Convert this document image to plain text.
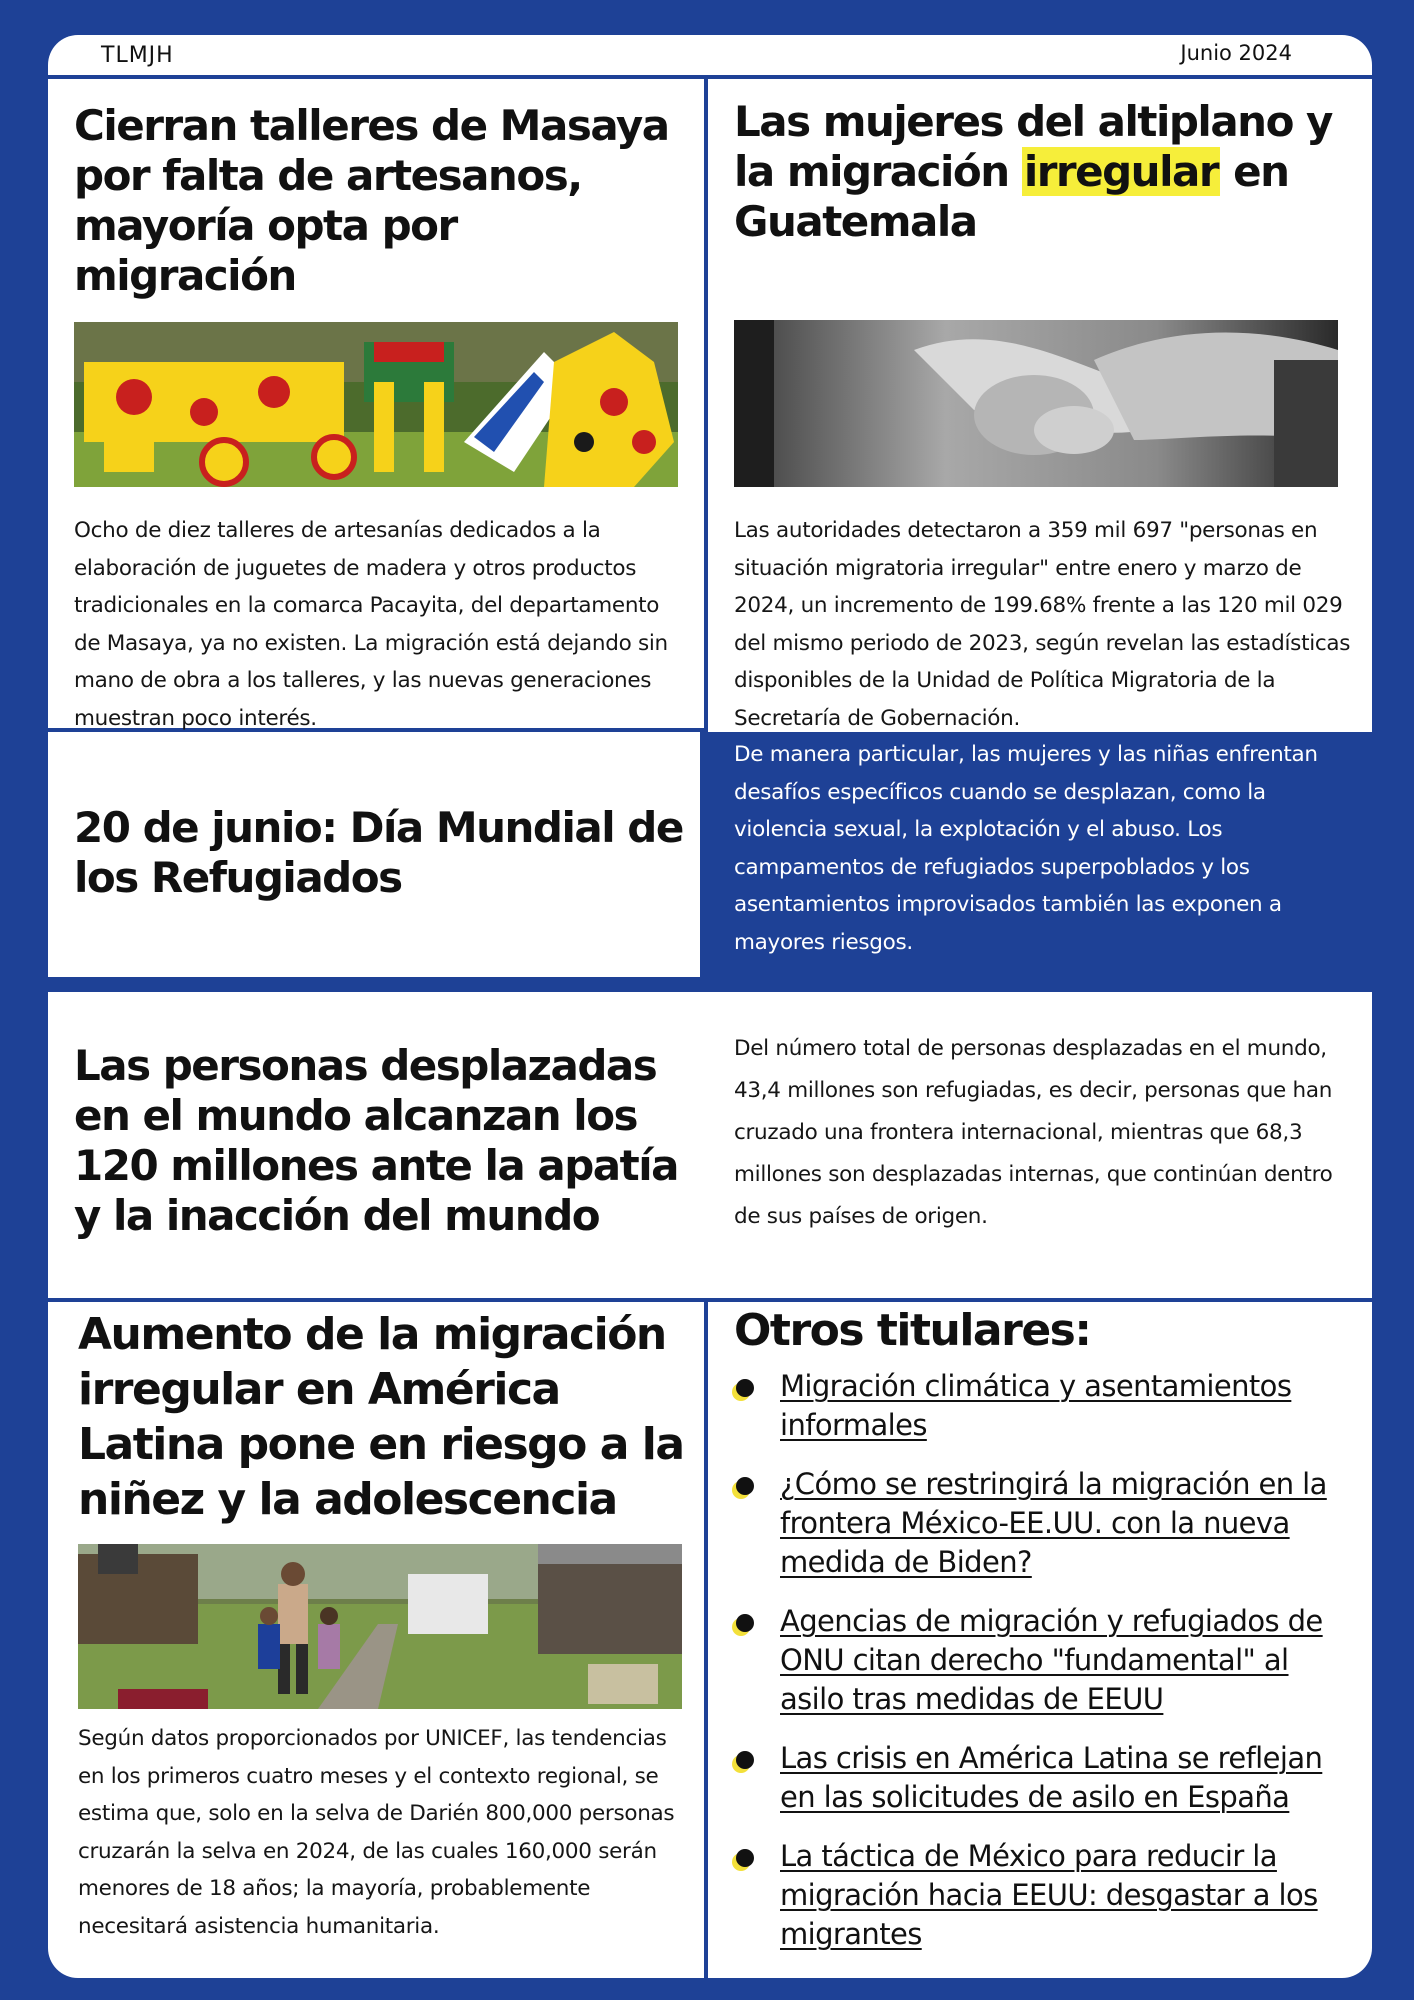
TLMJH	Junio 2024
Cierran talleres de Masaya por falta de artesanos, mayoría opta por migración

Ocho de diez talleres de artesanías dedicados a la elaboración de juguetes de madera y otros productos tradicionales en la comarca Pacayita, del departamento de Masaya, ya no existen. La migración está dejando sin mano de obra a los talleres, y las nuevas generaciones muestran poco interés.

Las mujeres del altiplano y la migración irregular en Guatemala

Las autoridades detectaron a 359 mil 697 "personas en situación migratoria irregular" entre enero y marzo de 2024, un incremento de 199.68% frente a las 120 mil 029 del mismo periodo de 2023, según revelan las estadísticas disponibles de la Unidad de Política Migratoria de la Secretaría de Gobernación.

20 de junio: Día Mundial de los Refugiados

De manera particular, las mujeres y las niñas enfrentan desafíos específicos cuando se desplazan, como la violencia sexual, la explotación y el abuso. Los campamentos de refugiados superpoblados y los asentamientos improvisados también las exponen a mayores riesgos.

Las personas desplazadas en el mundo alcanzan los 120 millones ante la apatía y la inacción del mundo

Del número total de personas desplazadas en el mundo, 43,4 millones son refugiadas, es decir, personas que han cruzado una frontera internacional, mientras que 68,3 millones son desplazadas internas, que continúan dentro de sus países de origen.

Aumento de la migración irregular en América Latina pone en riesgo a la niñez y la adolescencia

Según datos proporcionados por UNICEF, las tendencias en los primeros cuatro meses y el contexto regional, se estima que, solo en la selva de Darién 800,000 personas cruzarán la selva en 2024, de las cuales 160,000 serán menores de 18 años; la mayoría, probablemente necesitará asistencia humanitaria.

Otros titulares:
Migración climática y asentamientos informales
¿Cómo se restringirá la migración en la frontera México-EE.UU. con la nueva medida de Biden?
Agencias de migración y refugiados de ONU citan derecho "fundamental" al asilo tras medidas de EEUU
Las crisis en América Latina se reflejan en las solicitudes de asilo en España
La táctica de México para reducir la migración hacia EEUU: desgastar a los migrantes
